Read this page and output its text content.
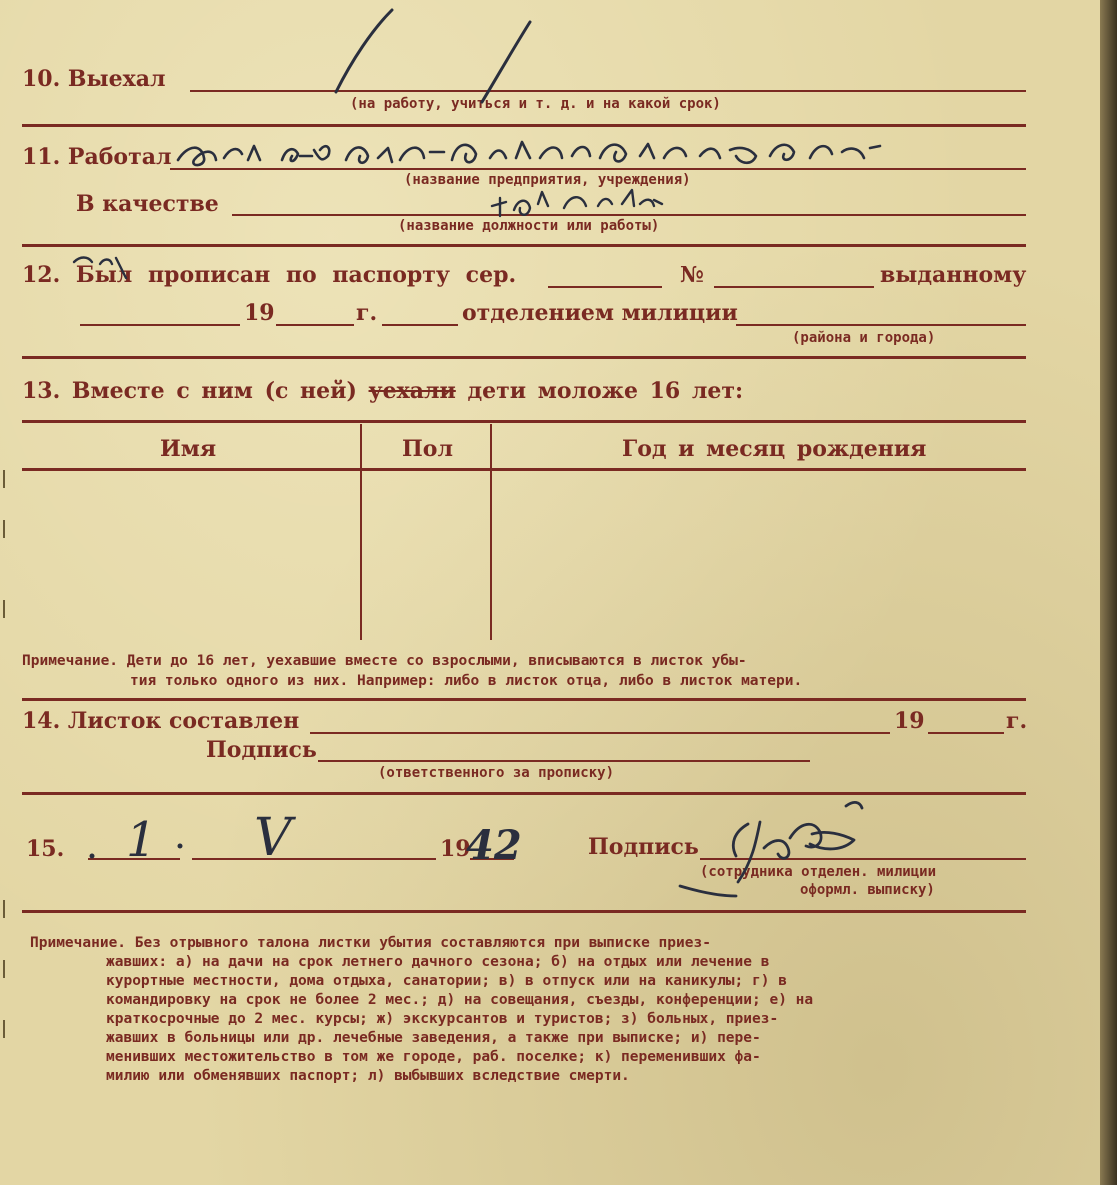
10. Выехал
(на работу, учиться и т. д. и на какой срок)
11. Работал
(название предприятия, учреждения)
В качестве
(название должности или работы)
12. Был прописан по паспорту сер.	№	выданному
19	г.	отделением милиции
(района и города)
13. Вместе с ним (с ней) уехали дети моложе 16 лет:
Имя	Пол	Год и месяц рождения
Примечание. Дети до 16 лет, уехавшие вместе со взрослыми, вписываются в листок убы-
тия только одного из них. Например: либо в листок отца, либо в листок матери.
14. Листок составлен	19	г.
Подпись
(ответственного за прописку)
15.	19	Подпись
(сотрудника отделен. милиции
оформл. выписку)
Примечание. Без отрывного талона листки убытия составляются при выписке приез-
жавших: а) на дачи на срок летнего дачного сезона; б) на отдых или лечение в
курортные местности, дома отдыха, санатории; в) в отпуск или на каникулы; г) в
командировку на срок не более 2 мес.; д) на совещания, съезды, конференции; е) на
краткосрочные до 2 мес. курсы; ж) экскурсантов и туристов; з) больных, приез-
жавших в больницы или др. лечебные заведения, а также при выписке; и) пере-
менивших местожительство в том же городе, раб. поселке; к) переменивших фа-
милию или обменявших паспорт; л) выбывших вследствие смерти.
1 V	42
